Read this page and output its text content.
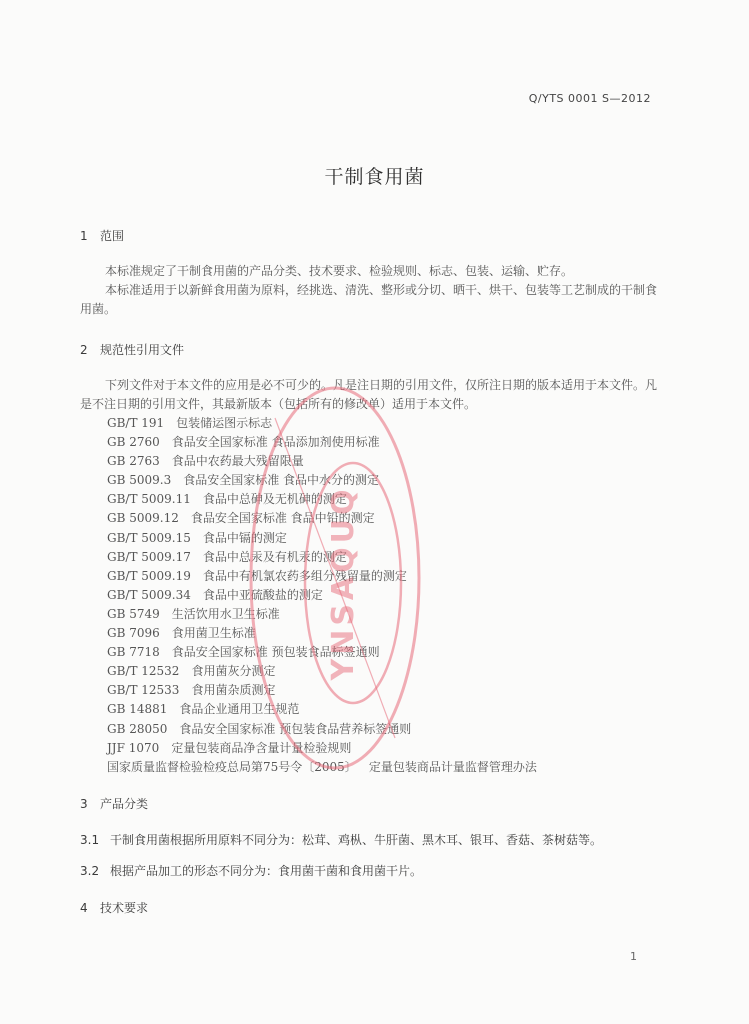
Q/YTS 0001 S—2012
干制食用菌
1 范围
本标准规定了干制食用菌的产品分类、技术要求、检验规则、标志、包装、运输、贮存。
本标准适用于以新鲜食用菌为原料，经挑选、清洗、整形或分切、晒干、烘干、包装等工艺制成的干制食用菌。
2 规范性引用文件
下列文件对于本文件的应用是必不可少的。凡是注日期的引用文件，仅所注日期的版本适用于本文件。凡是不注日期的引用文件，其最新版本（包括所有的修改单）适用于本文件。
GB/T 191 包装储运图示标志
GB 2760 食品安全国家标准 食品添加剂使用标准
GB 2763 食品中农药最大残留限量
GB 5009.3 食品安全国家标准 食品中水分的测定
GB/T 5009.11 食品中总砷及无机砷的测定
GB 5009.12 食品安全国家标准 食品中铅的测定
GB/T 5009.15 食品中镉的测定
GB/T 5009.17 食品中总汞及有机汞的测定
GB/T 5009.19 食品中有机氯农药多组分残留量的测定
GB/T 5009.34 食品中亚硫酸盐的测定
GB 5749 生活饮用水卫生标准
GB 7096 食用菌卫生标准
GB 7718 食品安全国家标准 预包装食品标签通则
GB/T 12532 食用菌灰分测定
GB/T 12533 食用菌杂质测定
GB 14881 食品企业通用卫生规范
GB 28050 食品安全国家标准 预包装食品营养标签通则
JJF 1070 定量包装商品净含量计量检验规则
国家质量监督检验检疫总局第75号令〔2005〕 定量包装商品计量监督管理办法
3 产品分类
3.1 干制食用菌根据所用原料不同分为：松茸、鸡枞、牛肝菌、黑木耳、银耳、香菇、茶树菇等。
3.2 根据产品加工的形态不同分为：食用菌干菌和食用菌干片。
4 技术要求
1
YNSAQUQ
